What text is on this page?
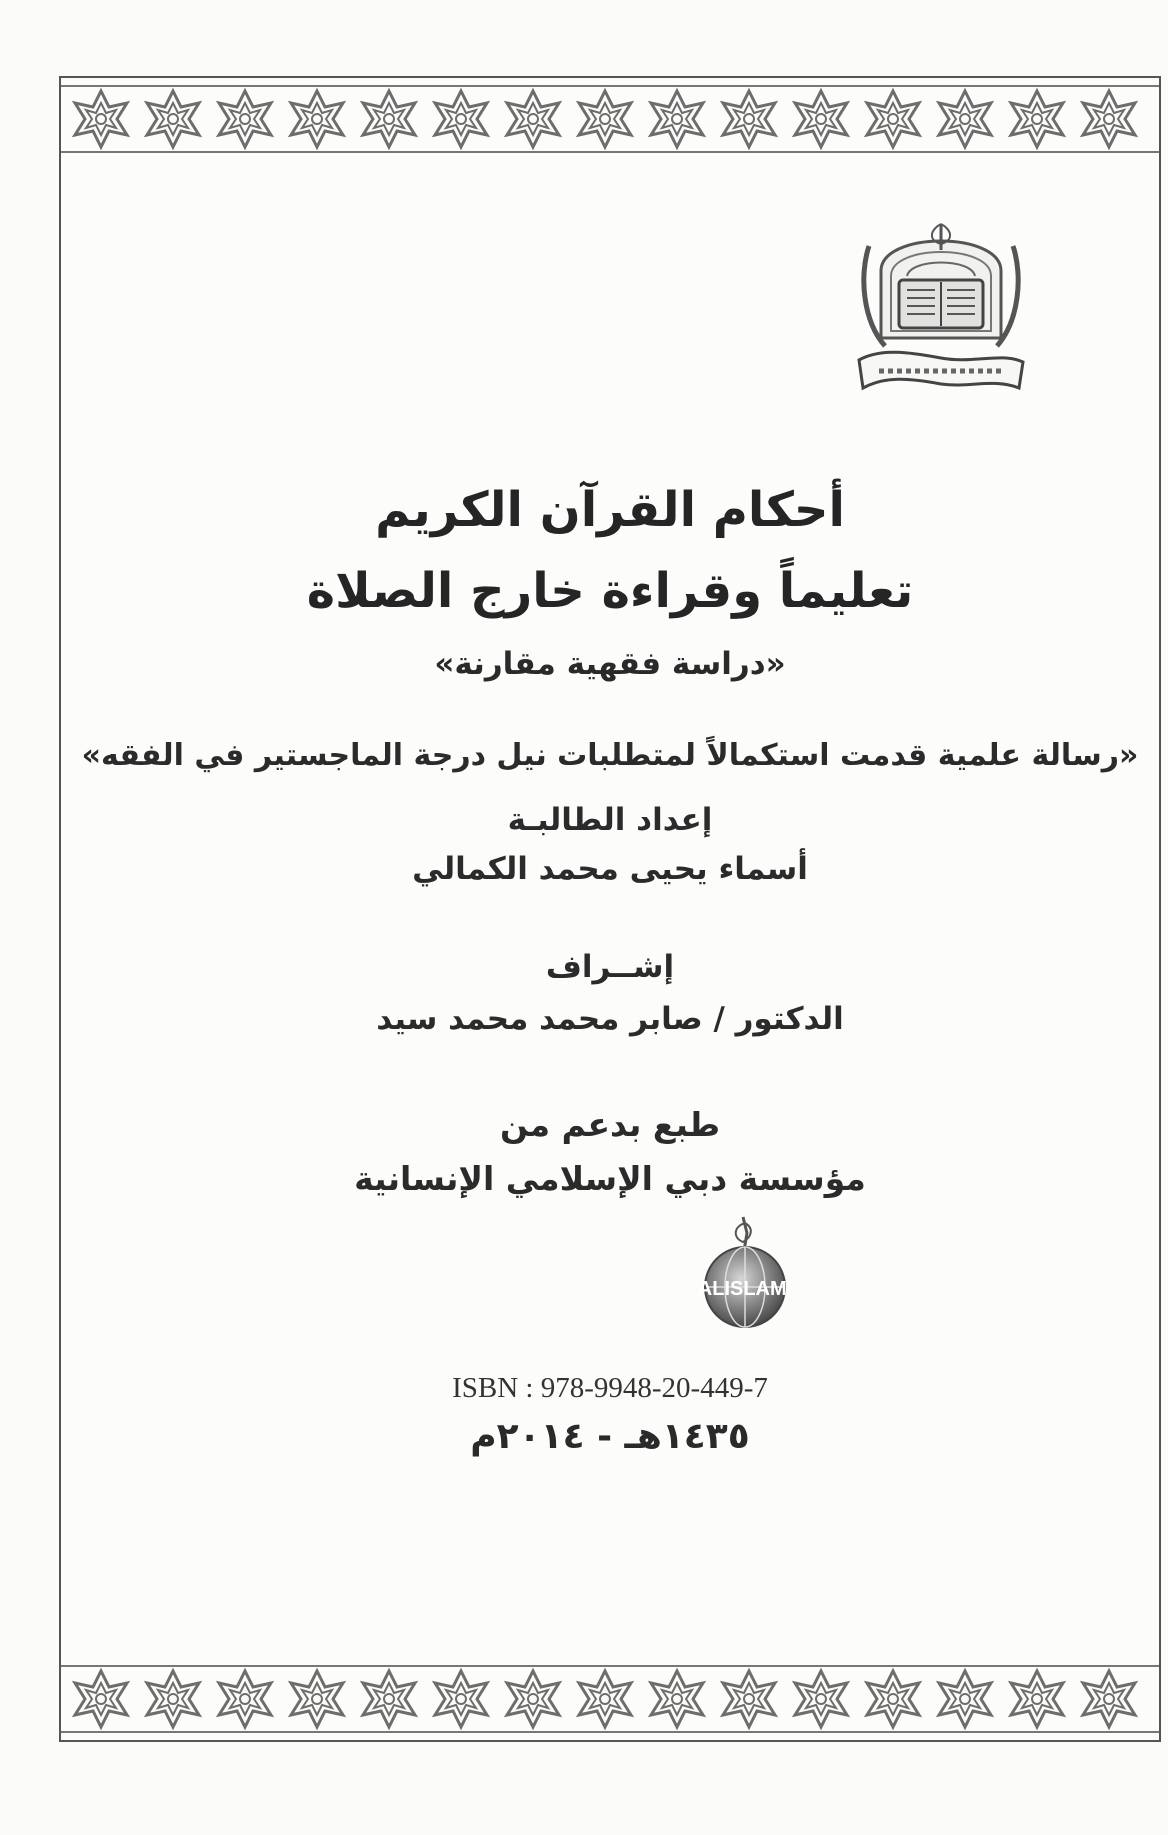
أحكام القرآن الكريم
تعليماً وقراءة خارج الصلاة
«دراسة فقهية مقارنة»
«رسالة علمية قدمت استكمالاً لمتطلبات نيل درجة الماجستير في الفقه»
إعداد الطالبـة
أسماء يحيى محمد الكمالي
إشــراف
الدكتور / صابر محمد محمد سيد
طبع بدعم من
مؤسسة دبي الإسلامي الإنسانية
ALISLAMI
ISBN : 978-9948-20-449-7
١٤٣٥هـ - ٢٠١٤م
